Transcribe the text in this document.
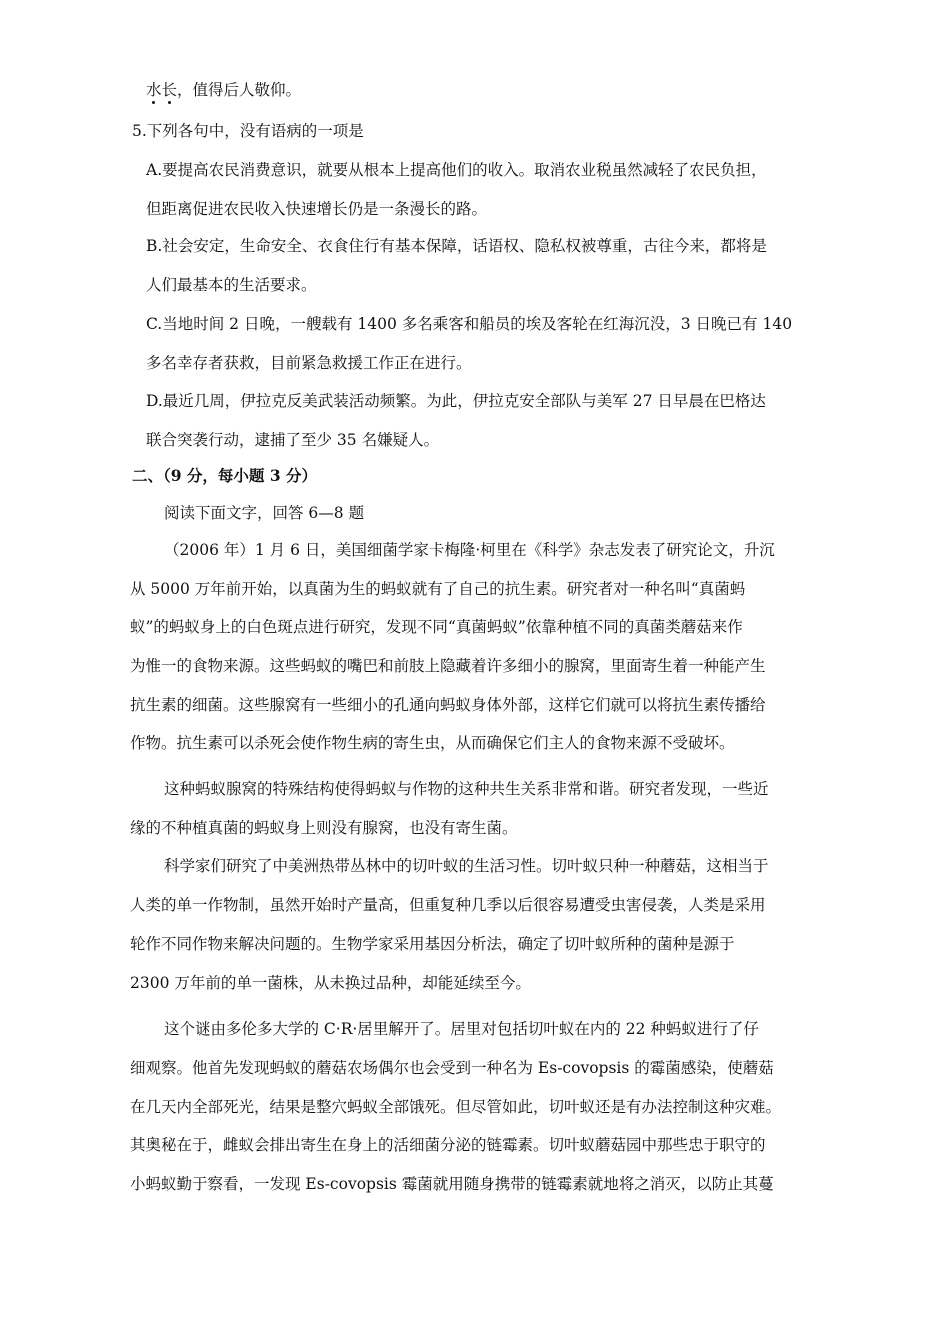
水
长
，值得后人敬仰。
5.下列各句中，没有语病的一项是
A.要提高农民消费意识，就要从根本上提高他们的收入。取消农业税虽然减轻了农民负担，
但距离促进农民收入快速增长仍是一条漫长的路。
B.社会安定，生命安全、衣食住行有基本保障，话语权、隐私权被尊重，古往今来，都将是
人们最基本的生活要求。
C.当地时间 2 日晚，一艘载有 1400 多名乘客和船员的埃及客轮在红海沉没，3 日晚已有 140
多名幸存者获救，目前紧急救援工作正在进行。
D.最近几周，伊拉克反美武装活动频繁。为此，伊拉克安全部队与美军 27 日早晨在巴格达
联合突袭行动，逮捕了至少 35 名嫌疑人。
二、（9 分，每小题 3 分）
阅读下面文字，回答 6—8 题
（2006 年）1 月 6 日，美国细菌学家卡梅隆·柯里在《科学》杂志发表了研究论文，升沉
从 5000 万年前开始，以真菌为生的蚂蚁就有了自己的抗生素。研究者对一种名叫“真菌蚂
蚁”的蚂蚁身上的白色斑点进行研究，发现不同“真菌蚂蚁”依靠种植不同的真菌类蘑菇来作
为惟一的食物来源。这些蚂蚁的嘴巴和前肢上隐藏着许多细小的腺窝，里面寄生着一种能产生
抗生素的细菌。这些腺窝有一些细小的孔通向蚂蚁身体外部，这样它们就可以将抗生素传播给
作物。抗生素可以杀死会使作物生病的寄生虫，从而确保它们主人的食物来源不受破坏。
这种蚂蚁腺窝的特殊结构使得蚂蚁与作物的这种共生关系非常和谐。研究者发现，一些近
缘的不种植真菌的蚂蚁身上则没有腺窝，也没有寄生菌。
科学家们研究了中美洲热带丛林中的切叶蚁的生活习性。切叶蚁只种一种蘑菇，这相当于
人类的单一作物制，虽然开始时产量高，但重复种几季以后很容易遭受虫害侵袭，人类是采用
轮作不同作物来解决问题的。生物学家采用基因分析法，确定了切叶蚁所种的菌种是源于
2300 万年前的单一菌株，从未换过品种，却能延续至今。
这个谜由多伦多大学的 C·R·居里解开了。居里对包括切叶蚁在内的 22 种蚂蚁进行了仔
细观察。他首先发现蚂蚁的蘑菇农场偶尔也会受到一种名为 Es-covopsis 的霉菌感染，使蘑菇
在几天内全部死光，结果是整穴蚂蚁全部饿死。但尽管如此，切叶蚁还是有办法控制这种灾难。
其奥秘在于，雌蚁会排出寄生在身上的活细菌分泌的链霉素。切叶蚁蘑菇园中那些忠于职守的
小蚂蚁勤于察看，一发现 Es-covopsis 霉菌就用随身携带的链霉素就地将之消灭，以防止其蔓
